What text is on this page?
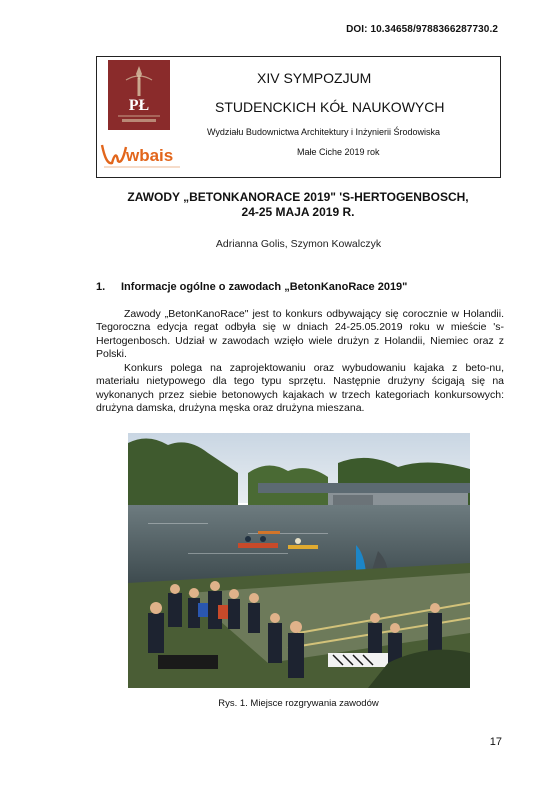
DOI: 10.34658/9788366287730.2
PŁ
wbais
XIV SYMPOZJUM
STUDENCKICH KÓŁ NAUKOWYCH
Wydziału Budownictwa Architektury i Inżynierii Środowiska
Małe Ciche 2019 rok
ZAWODY „BETONKANORACE 2019" 'S-HERTOGENBOSCH,
24-25 MAJA 2019 R.
Adrianna Golis, Szymon Kowalczyk
1. Informacje ogólne o zawodach „BetonKanoRace 2019"
Zawody „BetonKanoRace" jest to konkurs odbywający się corocznie w Holandii. Tegoroczna edycja regat odbyła się w dniach 24-25.05.2019 roku w mieście 's-Hertogenbosch. Udział w zawodach wzięło wiele drużyn z Holandii, Niemiec oraz z Polski.
Konkurs polega na zaprojektowaniu oraz wybudowaniu kajaka z beto-nu, materiału nietypowego dla tego typu sprzętu. Następnie drużyny ścigają się na wykonanych przez siebie betonowych kajakach w trzech kategoriach konkursowych: drużyna damska, drużyna męska oraz drużyna mieszana.
Rys. 1. Miejsce rozgrywania zawodów
17
